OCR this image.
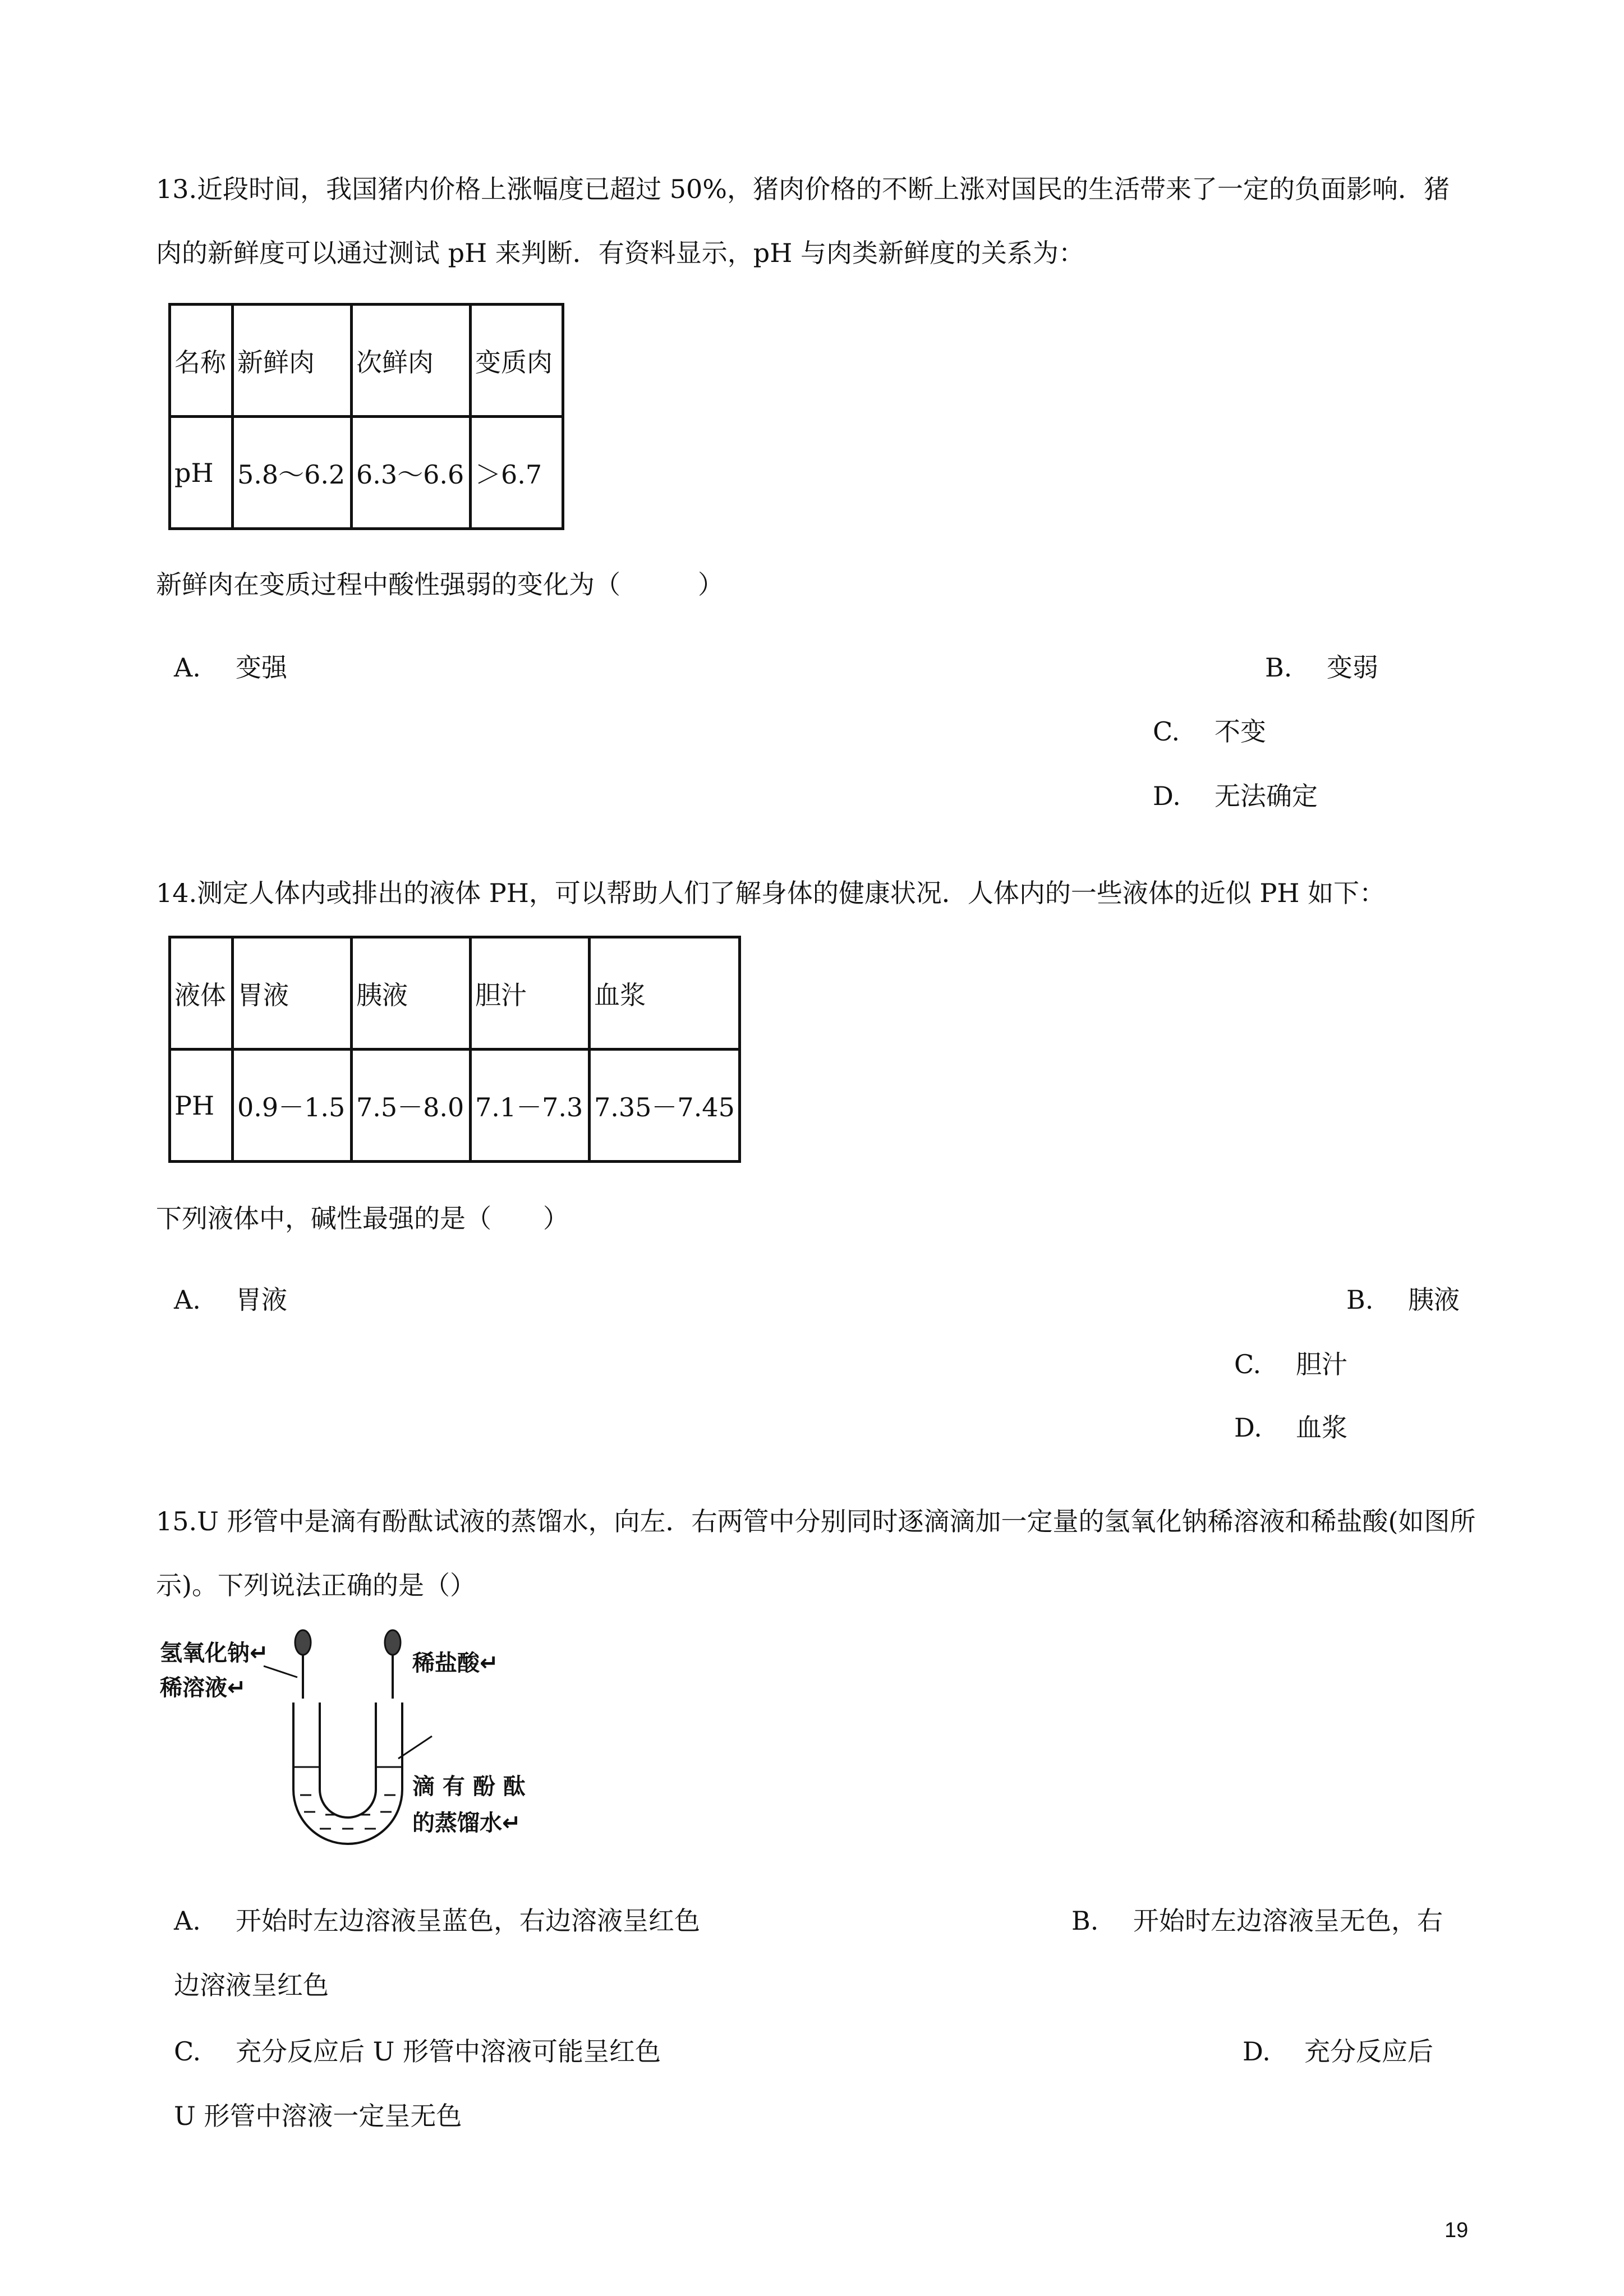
13.近段时间，我国猪内价格上涨幅度已超过 50%，猪肉价格的不断上涨对国民的生活带来了一定的负面影响．猪肉的新鲜度可以通过测试 pH 来判断．有资料显示，pH 与肉类新鲜度的关系为：
名称	新鲜肉	次鲜肉	变质肉
pH	5.8～6.2	6.3～6.6	＞6.7
新鲜肉在变质过程中酸性强弱的变化为（　　　）
A. 变强	B. 变弱
C. 不变
D. 无法确定
14.测定人体内或排出的液体 PH，可以帮助人们了解身体的健康状况．人体内的一些液体的近似 PH 如下：
液体	胃液	胰液	胆汁	血浆
PH	0.9－1.5	7.5－8.0	7.1－7.3	7.35－7.45
下列液体中，碱性最强的是（　　）
A. 胃液	B. 胰液
C. 胆汁
D. 血浆
15.U 形管中是滴有酚酞试液的蒸馏水，向左．右两管中分别同时逐滴滴加一定量的氢氧化钠稀溶液和稀盐酸(如图所示)。下列说法正确的是（）
氢氧化钠↵
稀溶液↵
稀盐酸↵
滴 有 酚 酞
的蒸馏水↵
A. 开始时左边溶液呈蓝色，右边溶液呈红色	B. 开始时左边溶液呈无色，右
边溶液呈红色
C. 充分反应后 U 形管中溶液可能呈红色	D. 充分反应后
U 形管中溶液一定呈无色
19
